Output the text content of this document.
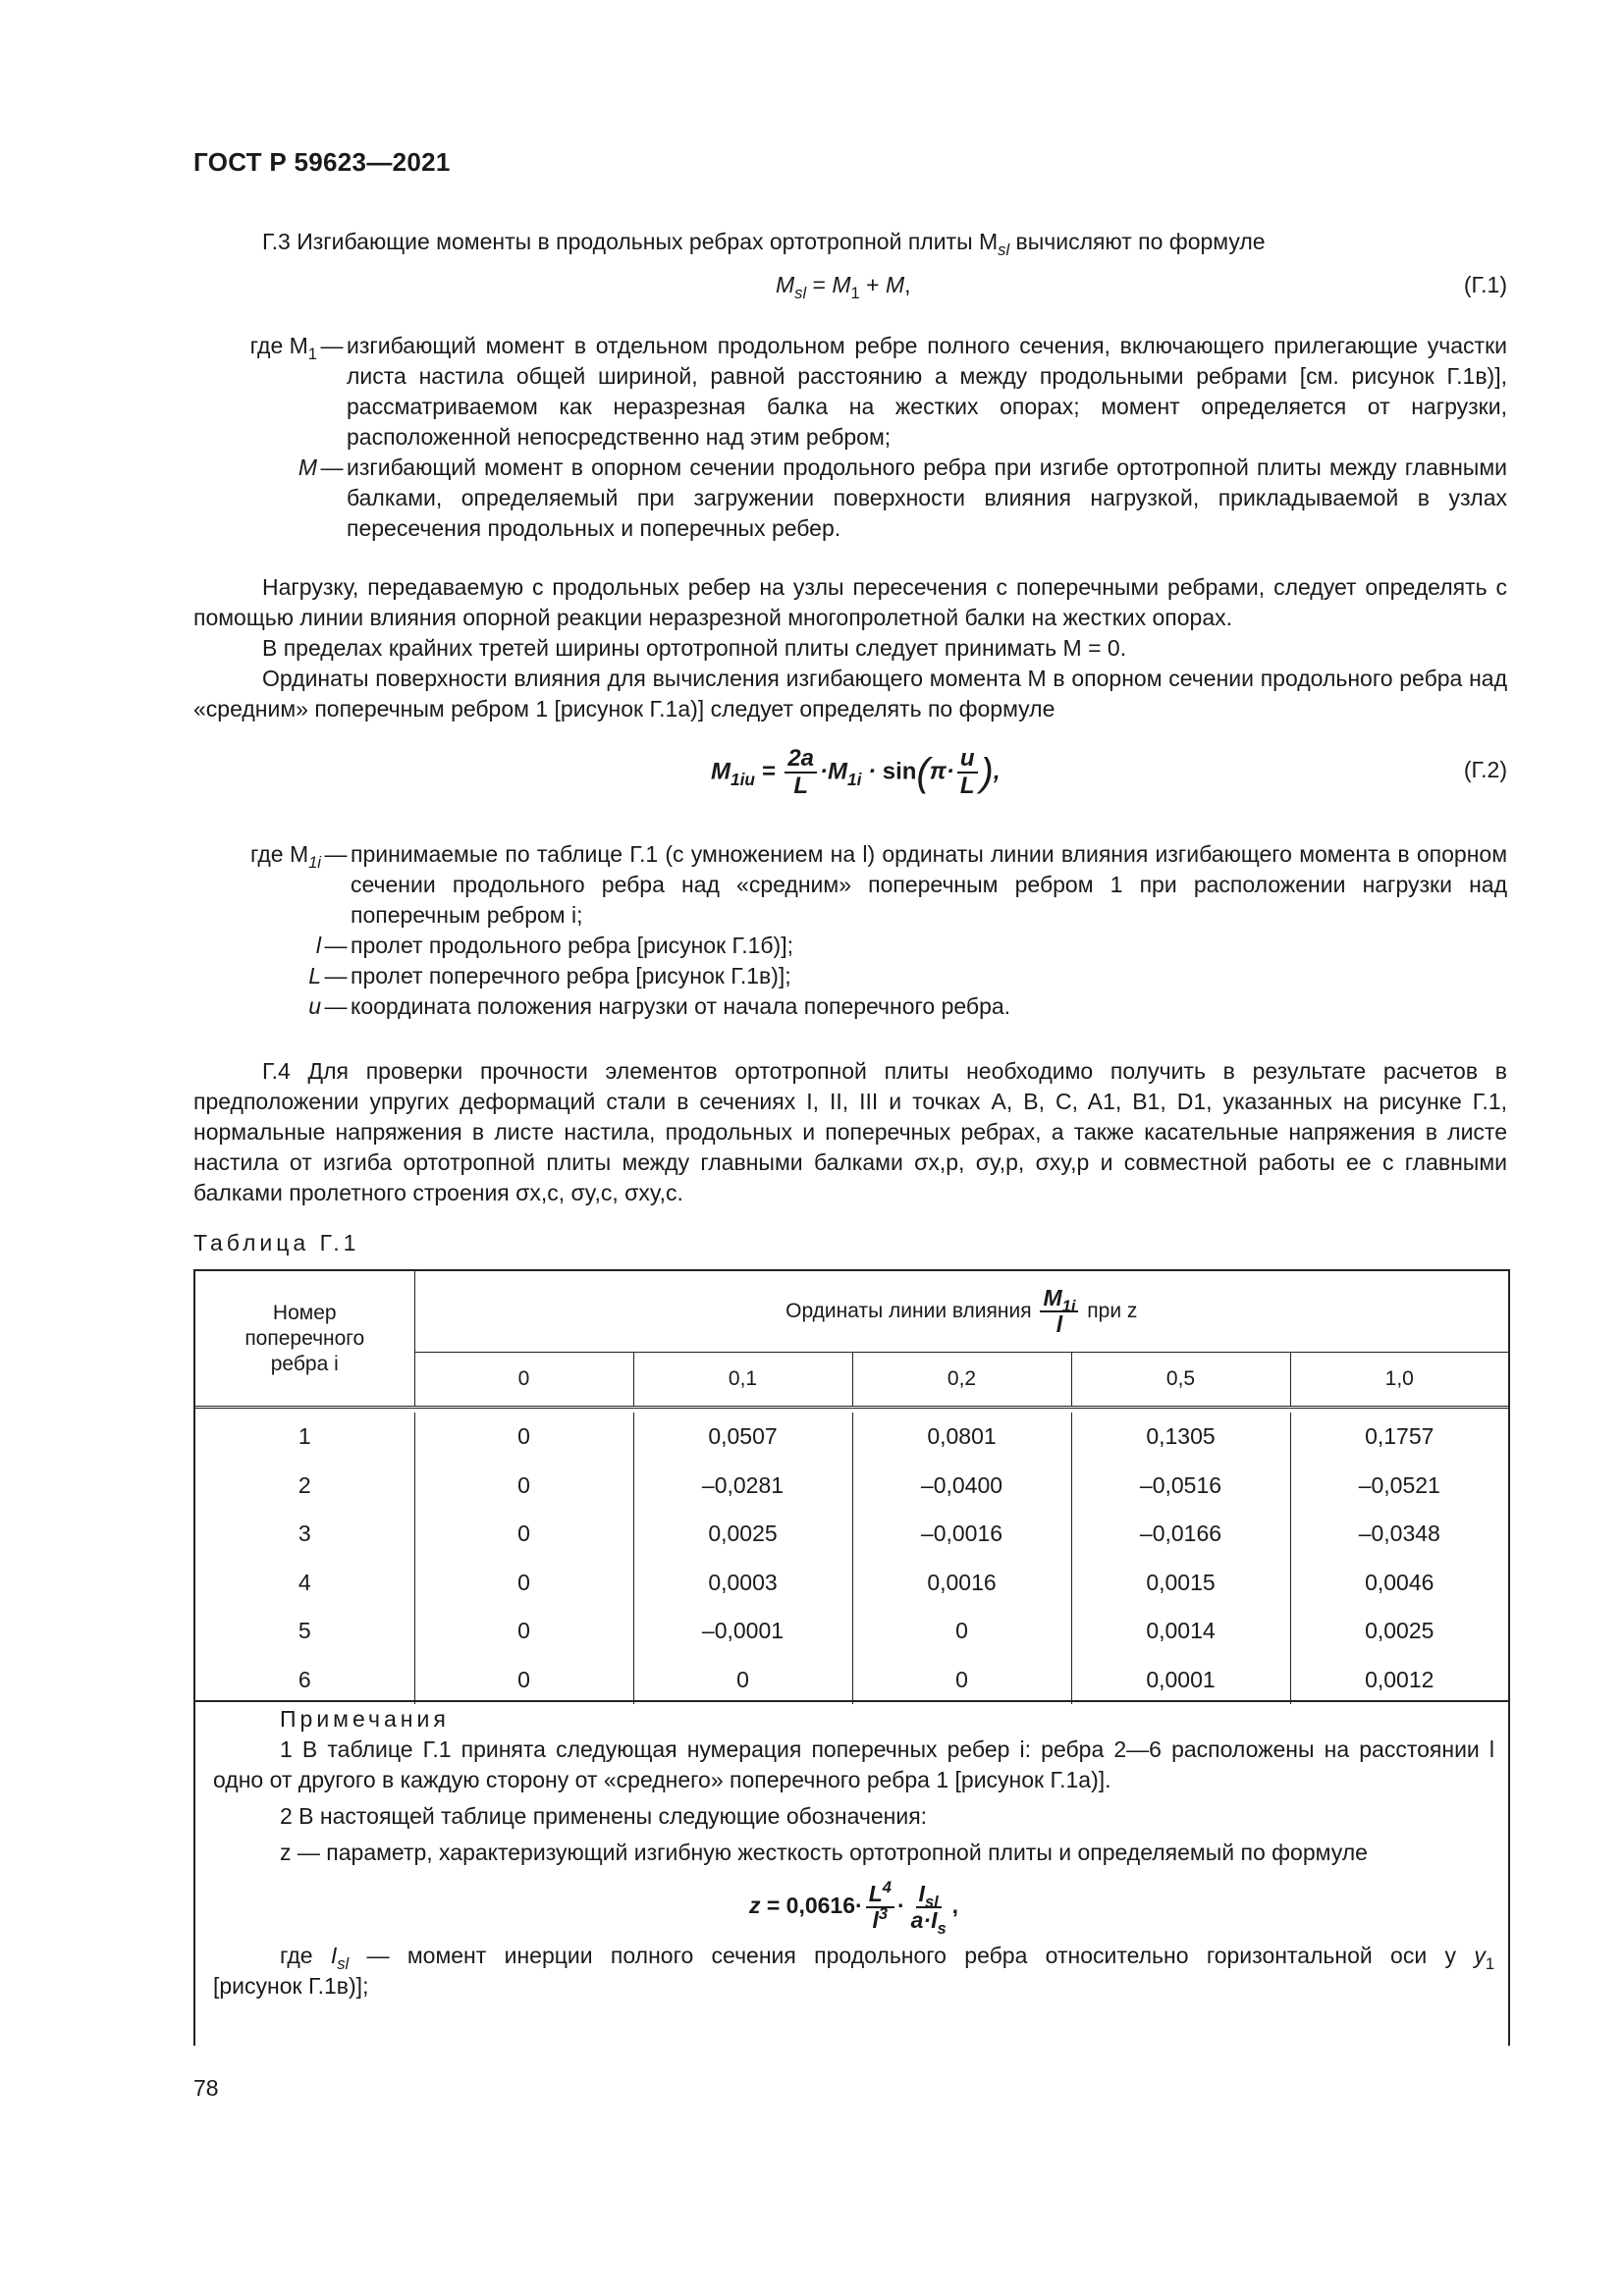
ГОСТ Р 59623—2021
Г.3 Изгибающие моменты в продольных ребрах ортотропной плиты $M_{sl}$ вычисляют по формуле
$M_{sl} = M_1 + M$,	(Г.1)
где $M_1$ — изгибающий момент в отдельном продольном ребре полного сечения, включающего прилегающие участки листа настила общей шириной, равной расстоянию a между продольными ребрами [см. рисунок Г.1в)], рассматриваемом как неразрезная балка на жестких опорах; момент определяется от нагрузки, расположенной непосредственно над этим ребром;
M — изгибающий момент в опорном сечении продольного ребра при изгибе ортотропной плиты между главными балками, определяемый при загружении поверхности влияния нагрузкой, прикладываемой в узлах пересечения продольных и поперечных ребер.
Нагрузку, передаваемую с продольных ребер на узлы пересечения с поперечными ребрами, следует определять с помощью линии влияния опорной реакции неразрезной многопролетной балки на жестких опорах.
В пределах крайних третей ширины ортотропной плиты следует принимать M = 0.
Ординаты поверхности влияния для вычисления изгибающего момента M в опорном сечении продольного ребра над «средним» поперечным ребром 1 [рисунок Г.1а)] следует определять по формуле
$M_{1iu} = \frac{2a}{L} \cdot M_{1i} \cdot \sin(\pi\cdot \frac{u}{L}$ ),	(Г.2)
где $M_{1i}$ — принимаемые по таблице Г.1 (с умножением на l) ординаты линии влияния изгибающего момента в опорном сечении продольного ребра над «средним» поперечным ребром 1 при расположении нагрузки над поперечным ребром i;
l — пролет продольного ребра [рисунок Г.1б)];
L — пролет поперечного ребра [рисунок Г.1в)];
u — координата положения нагрузки от начала поперечного ребра.
Г.4 Для проверки прочности элементов ортотропной плиты необходимо получить в результате расчетов в предположении упругих деформаций стали в сечениях I, II, III и точках A, B, C, A1, B1, D1, указанных на рисунке Г.1, нормальные напряжения в листе настила, продольных и поперечных ребрах, а также касательные напряжения в листе настила от изгиба ортотропной плиты между главными балками σx,p, σy,p, σxy,p и совместной работы ее с главными балками пролетного строения σx,c, σy,c, σxy,c.
Таблица Г.1
Номер поперечного ребра i	Ординаты линии влияния $\frac{M_{1i}}{l}$ при z				
	0	0,1	0,2	0,5	1,0

1	0	0,0507	0,0801	0,1305	0,1757
2	0	–0,0281	–0,0400	–0,0516	–0,0521
3	0	0,0025	–0,0016	–0,0166	–0,0348
4	0	0,0003	0,0016	0,0015	0,0046
5	0	–0,0001	0	0,0014	0,0025
6	0	0	0	0,0001	0,0012
Примечания
1 В таблице Г.1 принята следующая нумерация поперечных ребер i: ребра 2—6 расположены на расстоянии l одно от другого в каждую сторону от «среднего» поперечного ребра 1 [рисунок Г.1а)].
2 В настоящей таблице применены следующие обозначения:
z — параметр, характеризующий изгибную жесткость ортотропной плиты и определяемый по формуле
$z = 0,0616\cdot \frac{L^4}{l^3} \cdot \frac{I_{sl}}{a\cdot I_s}$ ,
где $I_{sl}$ — момент инерции полного сечения продольного ребра относительно горизонтальной оси y $y_1$
[рисунок Г.1в)];
78
